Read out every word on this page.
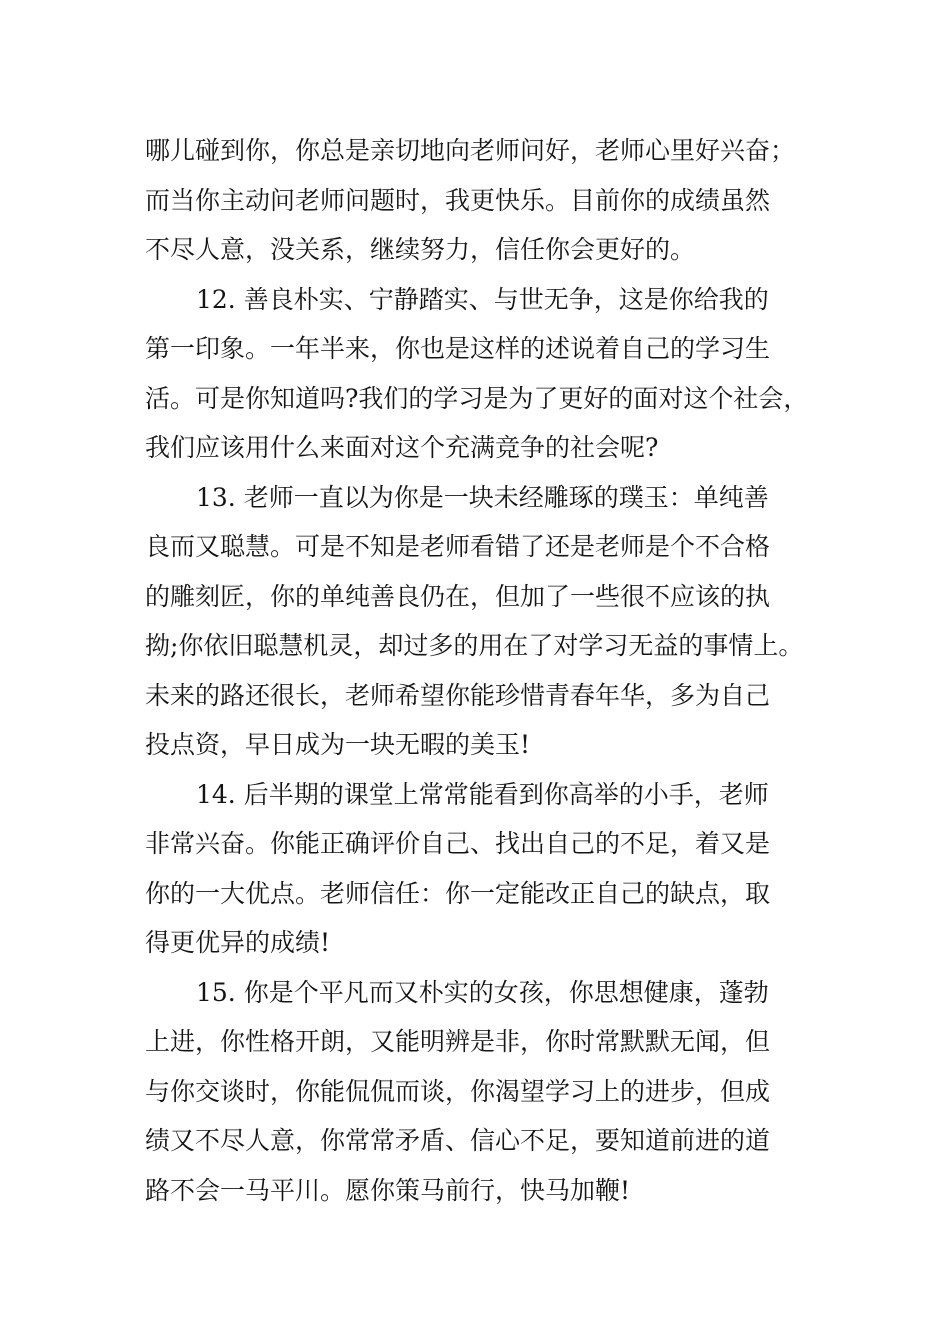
哪儿碰到你，你总是亲切地向老师问好，老师心里好兴奋；
而当你主动问老师问题时，我更快乐。目前你的成绩虽然
不尽人意，没关系，继续努力，信任你会更好的。
12. 善良朴实、宁静踏实、与世无争，这是你给我的
第一印象。一年半来，你也是这样的述说着自己的学习生
活。可是你知道吗?我们的学习是为了更好的面对这个社会，
我们应该用什么来面对这个充满竞争的社会呢?
13. 老师一直以为你是一块未经雕琢的璞玉：单纯善
良而又聪慧。可是不知是老师看错了还是老师是个不合格
的雕刻匠，你的单纯善良仍在，但加了一些很不应该的执
拗;你依旧聪慧机灵，却过多的用在了对学习无益的事情上。
未来的路还很长，老师希望你能珍惜青春年华，多为自己
投点资，早日成为一块无暇的美玉!
14. 后半期的课堂上常常能看到你高举的小手，老师
非常兴奋。你能正确评价自己、找出自己的不足，着又是
你的一大优点。老师信任：你一定能改正自己的缺点，取
得更优异的成绩!
15. 你是个平凡而又朴实的女孩，你思想健康，蓬勃
上进，你性格开朗，又能明辨是非，你时常默默无闻，但
与你交谈时，你能侃侃而谈，你渴望学习上的进步，但成
绩又不尽人意，你常常矛盾、信心不足，要知道前进的道
路不会一马平川。愿你策马前行，快马加鞭!
